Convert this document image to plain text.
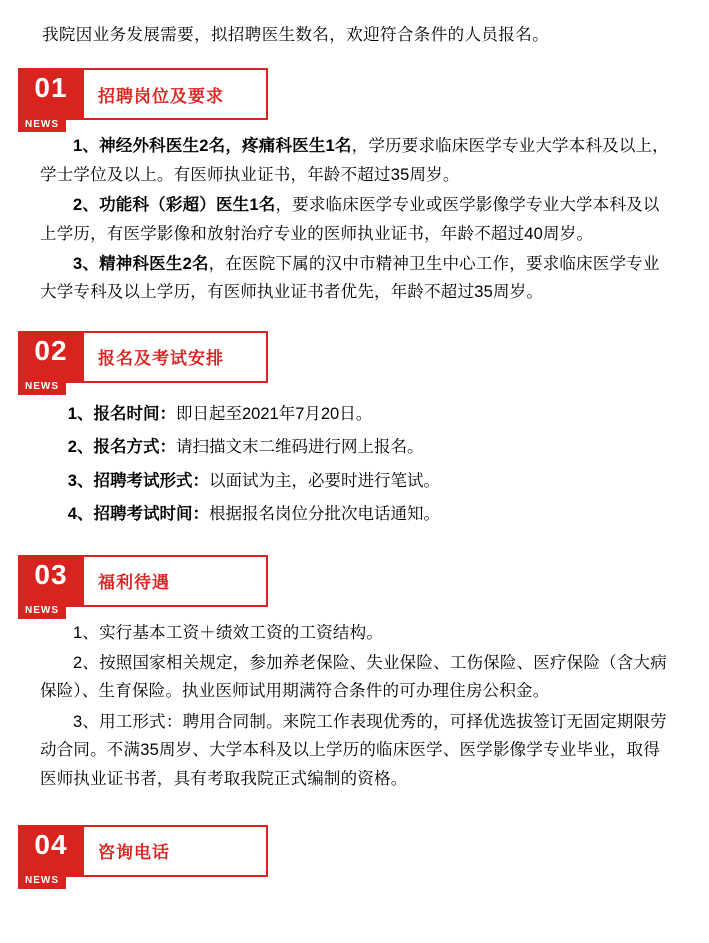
我院因业务发展需要，拟招聘医生数名，欢迎符合条件的人员报名。
01
NEWS
招聘岗位及要求

1、神经外科医生2名，疼痛科医生1名，学历要求临床医学专业大学本科及以上，学士学位及以上。有医师执业证书，年龄不超过35周岁。

2、功能科（彩超）医生1名，要求临床医学专业或医学影像学专业大学本科及以上学历，有医学影像和放射治疗专业的医师执业证书，年龄不超过40周岁。

3、精神科医生2名，在医院下属的汉中市精神卫生中心工作，要求临床医学专业大学专科及以上学历，有医师执业证书者优先，年龄不超过35周岁。

02
NEWS
报名及考试安排

1、报名时间：即日起至2021年7月20日。

2、报名方式：请扫描文末二维码进行网上报名。

3、招聘考试形式：以面试为主，必要时进行笔试。

4、招聘考试时间：根据报名岗位分批次电话通知。

03
NEWS
福利待遇

1、实行基本工资＋绩效工资的工资结构。

2、按照国家相关规定，参加养老保险、失业保险、工伤保险、医疗保险（含大病保险）、生育保险。执业医师试用期满符合条件的可办理住房公积金。

3、用工形式：聘用合同制。来院工作表现优秀的，可择优选拔签订无固定期限劳动合同。不满35周岁、大学本科及以上学历的临床医学、医学影像学专业毕业，取得医师执业证书者，具有考取我院正式编制的资格。

04
NEWS
咨询电话
